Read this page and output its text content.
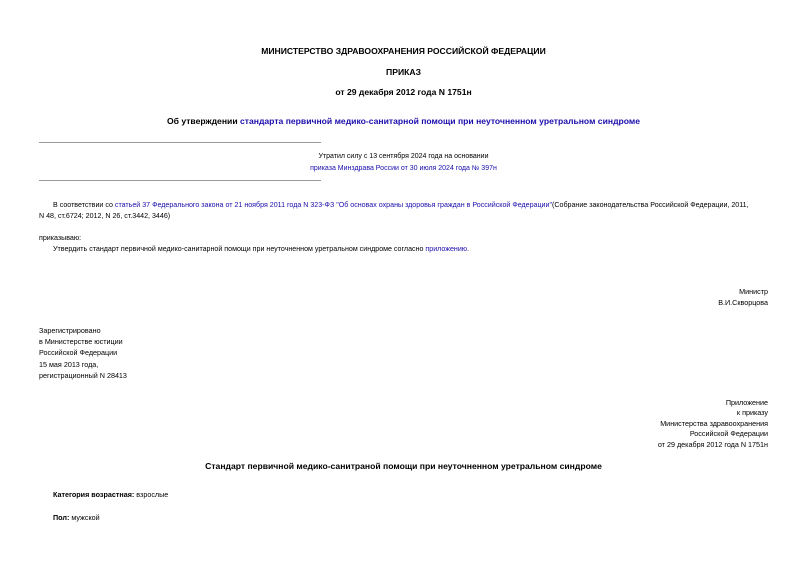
МИНИСТЕРСТВО ЗДРАВООХРАНЕНИЯ РОССИЙСКОЙ ФЕДЕРАЦИИ
ПРИКАЗ
от 29 декабря 2012 года N 1751н
Об утверждении стандарта первичной медико-санитарной помощи при неуточненном уретральном синдроме
Утратил силу с 13 сентября 2024 года на основании
приказа Минздрава России от 30 июля 2024 года № 397н
В соответствии со статьей 37 Федерального закона от 21 ноября 2011 года N 323-ФЗ "Об основах охраны здоровья граждан в Российской Федерации"(Собрание законодательства Российской Федерации, 2011,
N 48, ст.6724; 2012, N 26, ст.3442, 3446)
приказываю:
Утвердить стандарт первичной медико-санитарной помощи при неуточненном уретральном синдроме согласно приложению.
Министр
В.И.Скворцова
Зарегистрировано
в Министерстве юстиции
Российской Федерации
15 мая 2013 года,
регистрационный N 28413
Приложение
к приказу
Министерства здравоохранения
Российской Федерации
от 29 декабря 2012 года N 1751н
Стандарт первичной медико-санитраной помощи при неуточненном уретральном синдроме
Категория возрастная: взрослые
Пол: мужской
